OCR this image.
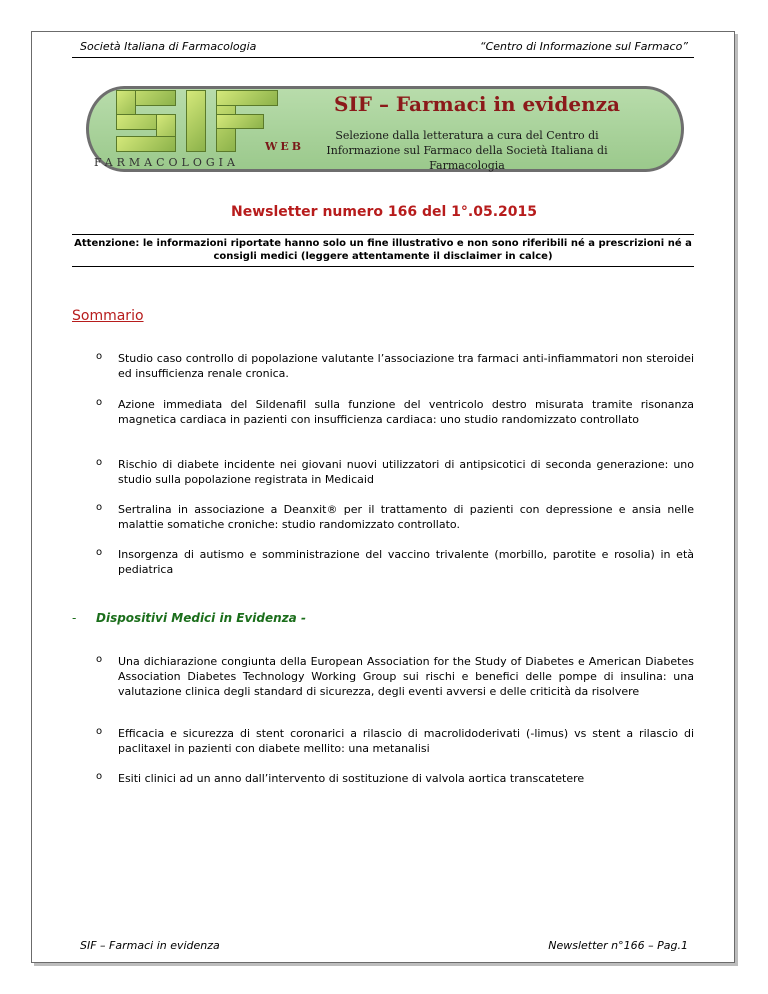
Società Italiana di Farmacologia	“Centro di Informazione sul Farmaco”
WEB
FARMACOLOGIA
SIF – Farmaci in evidenza
Selezione dalla letteratura a cura del Centro di Informazione sul Farmaco della Società Italiana di Farmacologia
Newsletter numero 166 del 1°.05.2015
Attenzione: le informazioni riportate hanno solo un fine illustrativo e non sono riferibili né a prescrizioni né a consigli medici (leggere attentamente il disclaimer in calce)
Sommario
o Studio caso controllo di popolazione valutante l’associazione tra farmaci anti-infiammatori non steroidei ed insufficienza renale cronica.
o Azione immediata del Sildenafil sulla funzione del ventricolo destro misurata tramite risonanza magnetica cardiaca in pazienti con insufficienza cardiaca: uno studio randomizzato controllato
o Rischio di diabete incidente nei giovani nuovi utilizzatori di antipsicotici di seconda generazione: uno studio sulla popolazione registrata in Medicaid
o Sertralina in associazione a Deanxit® per il trattamento di pazienti con depressione e ansia nelle malattie somatiche croniche: studio randomizzato controllato.
o Insorgenza di autismo e somministrazione del vaccino trivalente (morbillo, parotite e rosolia) in età pediatrica
- Dispositivi Medici in Evidenza -
o Una dichiarazione congiunta della European Association for the Study of Diabetes e American Diabetes Association Diabetes Technology Working Group sui rischi e benefici delle pompe di insulina: una valutazione clinica degli standard di sicurezza, degli eventi avversi e delle criticità da risolvere
o Efficacia e sicurezza di stent coronarici a rilascio di macrolidoderivati (-limus) vs stent a rilascio di paclitaxel in pazienti con diabete mellito: una metanalisi
o Esiti clinici ad un anno dall’intervento di sostituzione di valvola aortica transcatetere
SIF – Farmaci in evidenza	Newsletter n°166 – Pag.1
